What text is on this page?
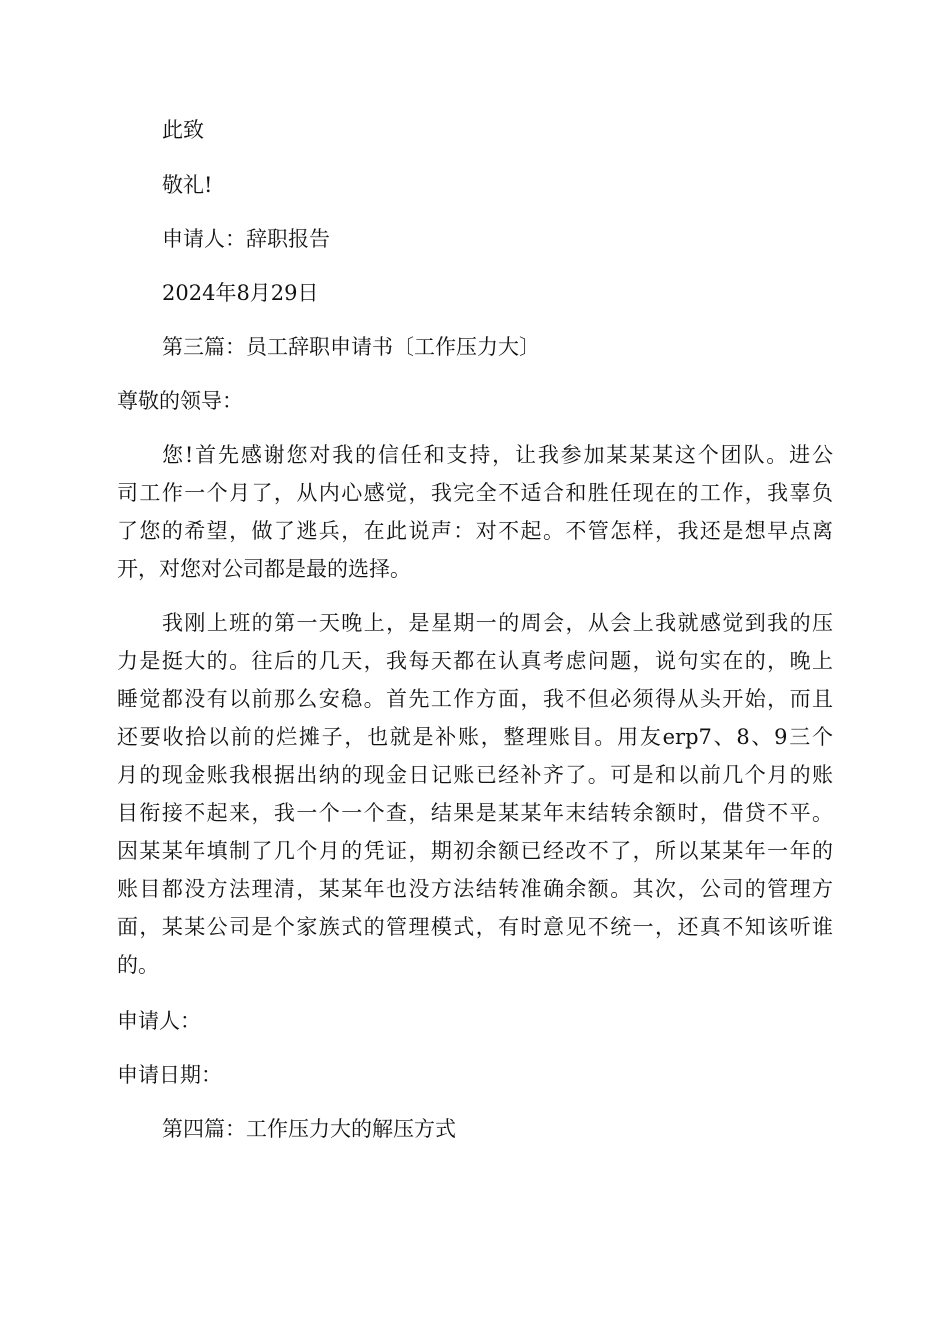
此致

敬礼!

申请人：辞职报告

2024年8月29日

第三篇：员工辞职申请书〔工作压力大〕

尊敬的领导：

您!首先感谢您对我的信任和支持，让我参加某某某这个团队。进公
司工作一个月了，从内心感觉，我完全不适合和胜任现在的工作，我辜负
了您的希望，做了逃兵，在此说声：对不起。不管怎样，我还是想早点离
开，对您对公司都是最的选择。
我刚上班的第一天晚上，是星期一的周会，从会上我就感觉到我的压
力是挺大的。往后的几天，我每天都在认真考虑问题，说句实在的，晚上
睡觉都没有以前那么安稳。首先工作方面，我不但必须得从头开始，而且
还要收拾以前的烂摊子，也就是补账，整理账目。用友erp7、8、9三个
月的现金账我根据出纳的现金日记账已经补齐了。可是和以前几个月的账
目衔接不起来，我一个一个查，结果是某某年末结转余额时，借贷不平。
因某某年填制了几个月的凭证，期初余额已经改不了，所以某某年一年的
账目都没方法理清，某某年也没方法结转准确余额。其次，公司的管理方
面，某某公司是个家族式的管理模式，有时意见不统一，还真不知该听谁
的。

申请人：

申请日期：

第四篇：工作压力大的解压方式
